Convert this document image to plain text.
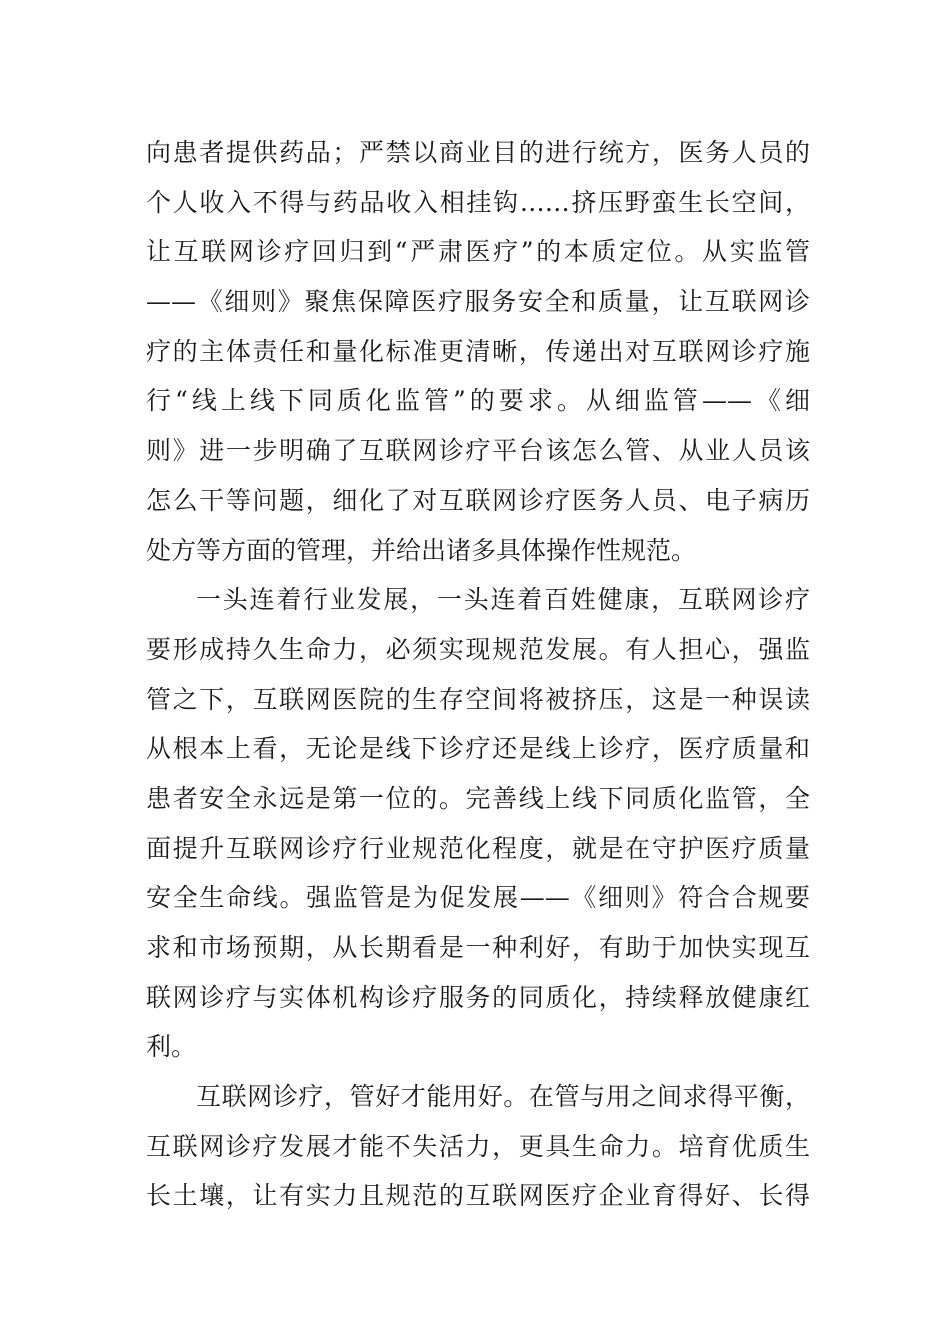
向患者提供药品；严禁以商业目的进行统方，医务人员的
个人收入不得与药品收入相挂钩……挤压野蛮生长空间，
让互联网诊疗回归到“严肃医疗”的本质定位。从实监管
——《细则》聚焦保障医疗服务安全和质量，让互联网诊
疗的主体责任和量化标准更清晰，传递出对互联网诊疗施
行“线上线下同质化监管”的要求。从细监管——《细
则》进一步明确了互联网诊疗平台该怎么管、从业人员该
怎么干等问题，细化了对互联网诊疗医务人员、电子病历
处方等方面的管理，并给出诸多具体操作性规范。
一头连着行业发展，一头连着百姓健康，互联网诊疗
要形成持久生命力，必须实现规范发展。有人担心，强监
管之下，互联网医院的生存空间将被挤压，这是一种误读
从根本上看，无论是线下诊疗还是线上诊疗，医疗质量和
患者安全永远是第一位的。完善线上线下同质化监管，全
面提升互联网诊疗行业规范化程度，就是在守护医疗质量
安全生命线。强监管是为促发展——《细则》符合合规要
求和市场预期，从长期看是一种利好，有助于加快实现互
联网诊疗与实体机构诊疗服务的同质化，持续释放健康红
利。
互联网诊疗，管好才能用好。在管与用之间求得平衡，
互联网诊疗发展才能不失活力，更具生命力。培育优质生
长土壤，让有实力且规范的互联网医疗企业育得好、长得
